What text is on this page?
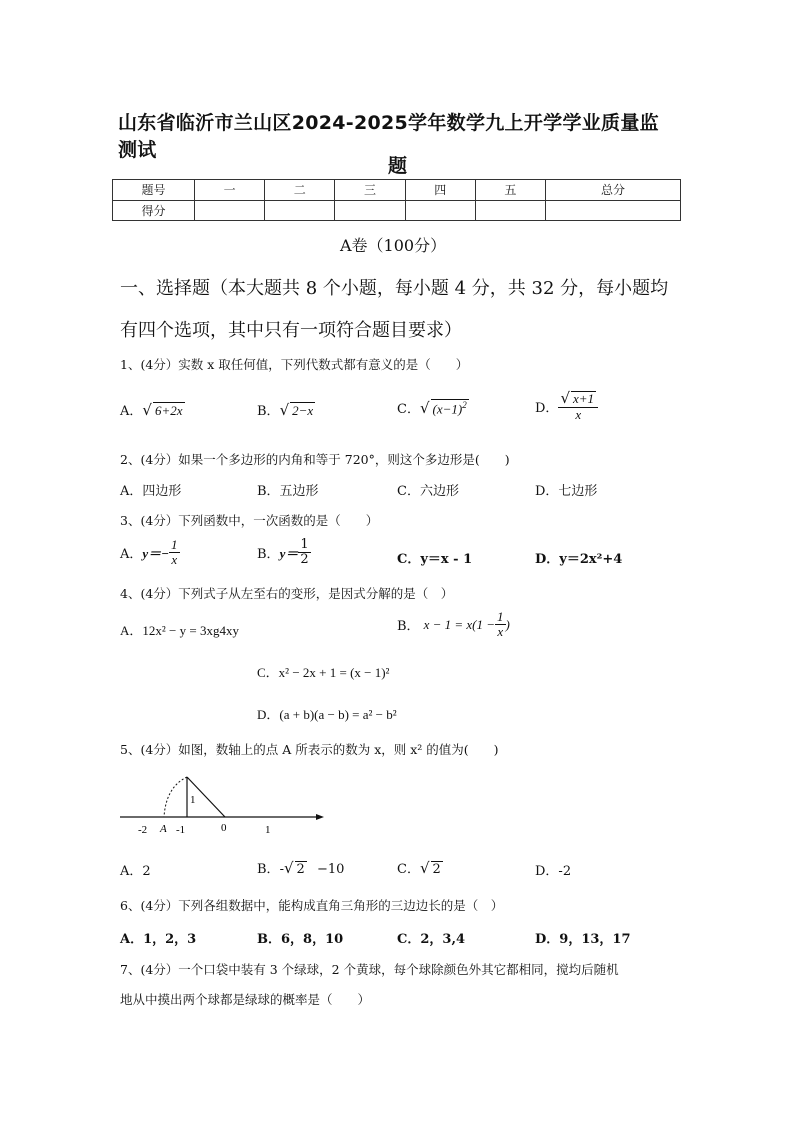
山东省临沂市兰山区2024-2025学年数学九上开学学业质量监测试
题
题号	一	二	三	四	五	总分
得分						
A卷（100分）
一、选择题（本大题共 8 个小题，每小题 4 分，共 32 分，每小题均
有四个选项，其中只有一项符合题目要求）
1、(4分）实数 x 取任何值，下列代数式都有意义的是（　　）
A．√ 6+2x	B．√ 2−x	C．√ $(x-1)^2$	D． $\frac{√ x+1}{x}$
2、(4分）如果一个多边形的内角和等于 720°，则这个多边形是(　　)
A．四边形	B．五边形	C．六边形	D．七边形
3、(4分）下列函数中，一次函数的是（　　）
A． $y=- \frac{1}{x}$	B． $y= \frac{1}{2}$	C．y＝x - 1	D．y＝2x²+4
4、(4分）下列式子从左至右的变形，是因式分解的是（　）
A．12x² − y = 3xg4xy	B． $x - 1 = x(1 - \frac{1}{x}$ )
C．x² − 2x + 1 = (x − 1)²
D．(a + b)(a − b) = a² − b²
5、(4分）如图，数轴上的点 A 所表示的数为 x，则 x² 的值为(　　)
-2 A -1	0	1
1
A．2	B．-√ 2 −10	C．√ 2	D．-2
6、(4分）下列各组数据中，能构成直角三角形的三边边长的是（　）
A．1，2，3	B．6，8，10	C．2，3,4	D．9，13，17
7、(4分）一个口袋中装有 3 个绿球，2 个黄球，每个球除颜色外其它都相同，搅均后随机
地从中摸出两个球都是绿球的概率是（　　）
